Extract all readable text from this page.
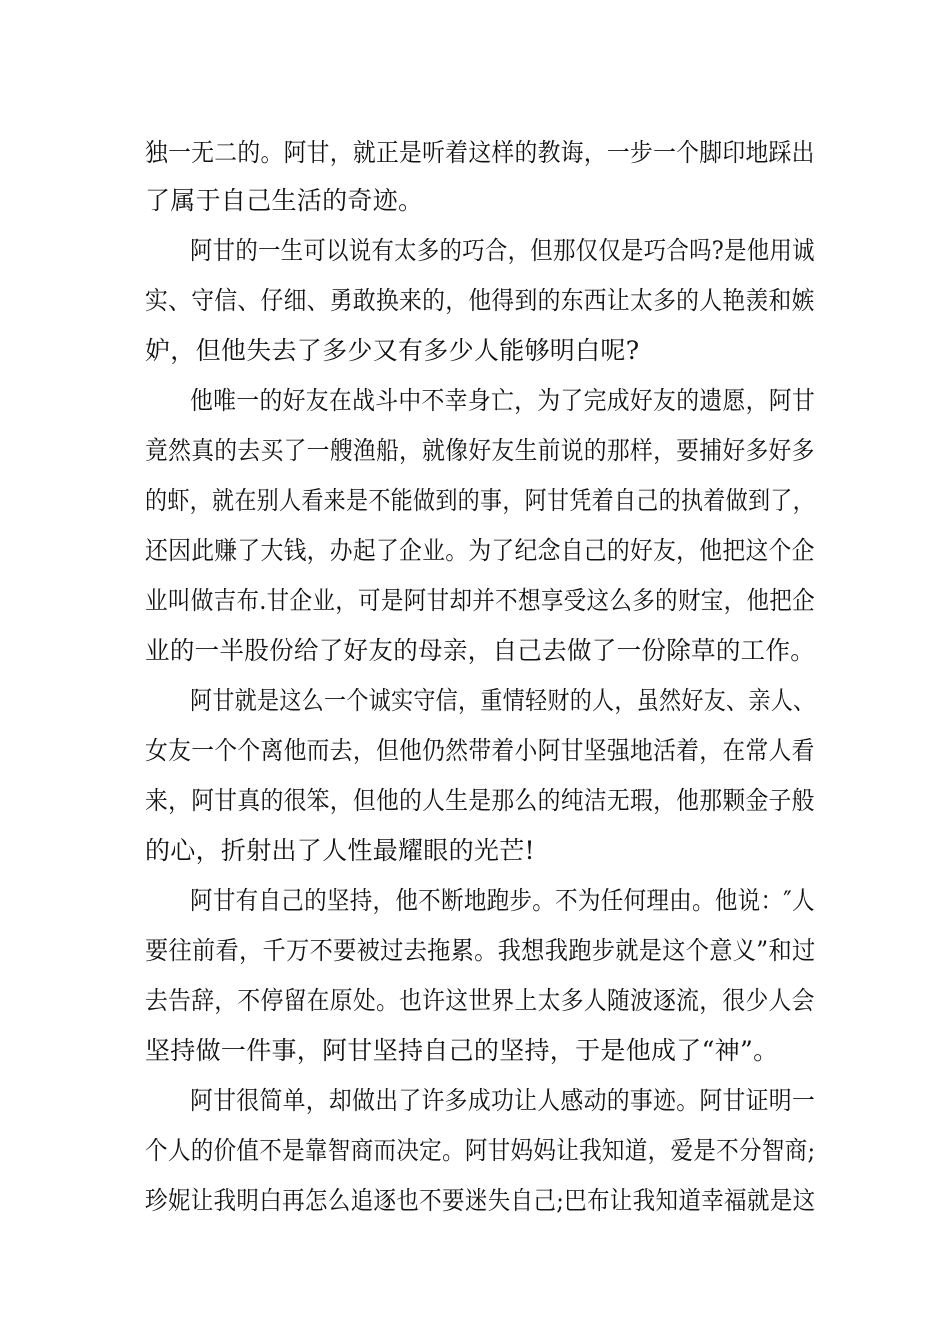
独一无二的。阿甘，就正是听着这样的教诲，一步一个脚印地踩出

了属于自己生活的奇迹。

阿甘的一生可以说有太多的巧合，但那仅仅是巧合吗?是他用诚

实、守信、仔细、勇敢换来的，他得到的东西让太多的人艳羡和嫉

妒，但他失去了多少又有多少人能够明白呢?

他唯一的好友在战斗中不幸身亡，为了完成好友的遗愿，阿甘

竟然真的去买了一艘渔船，就像好友生前说的那样，要捕好多好多

的虾，就在别人看来是不能做到的事，阿甘凭着自己的执着做到了，

还因此赚了大钱，办起了企业。为了纪念自己的好友，他把这个企

业叫做吉布.甘企业，可是阿甘却并不想享受这么多的财宝，他把企

业的一半股份给了好友的母亲，自己去做了一份除草的工作。

阿甘就是这么一个诚实守信，重情轻财的人，虽然好友、亲人、

女友一个个离他而去，但他仍然带着小阿甘坚强地活着，在常人看

来，阿甘真的很笨，但他的人生是那么的纯洁无瑕，他那颗金子般

的心，折射出了人性最耀眼的光芒!

阿甘有自己的坚持，他不断地跑步。不为任何理由。他说：″人

要往前看，千万不要被过去拖累。我想我跑步就是这个意义”和过

去告辞，不停留在原处。也许这世界上太多人随波逐流，很少人会

坚持做一件事，阿甘坚持自己的坚持，于是他成了“神”。

阿甘很简单，却做出了许多成功让人感动的事迹。阿甘证明一

个人的价值不是靠智商而决定。阿甘妈妈让我知道，爱是不分智商;

珍妮让我明白再怎么追逐也不要迷失自己;巴布让我知道幸福就是这
